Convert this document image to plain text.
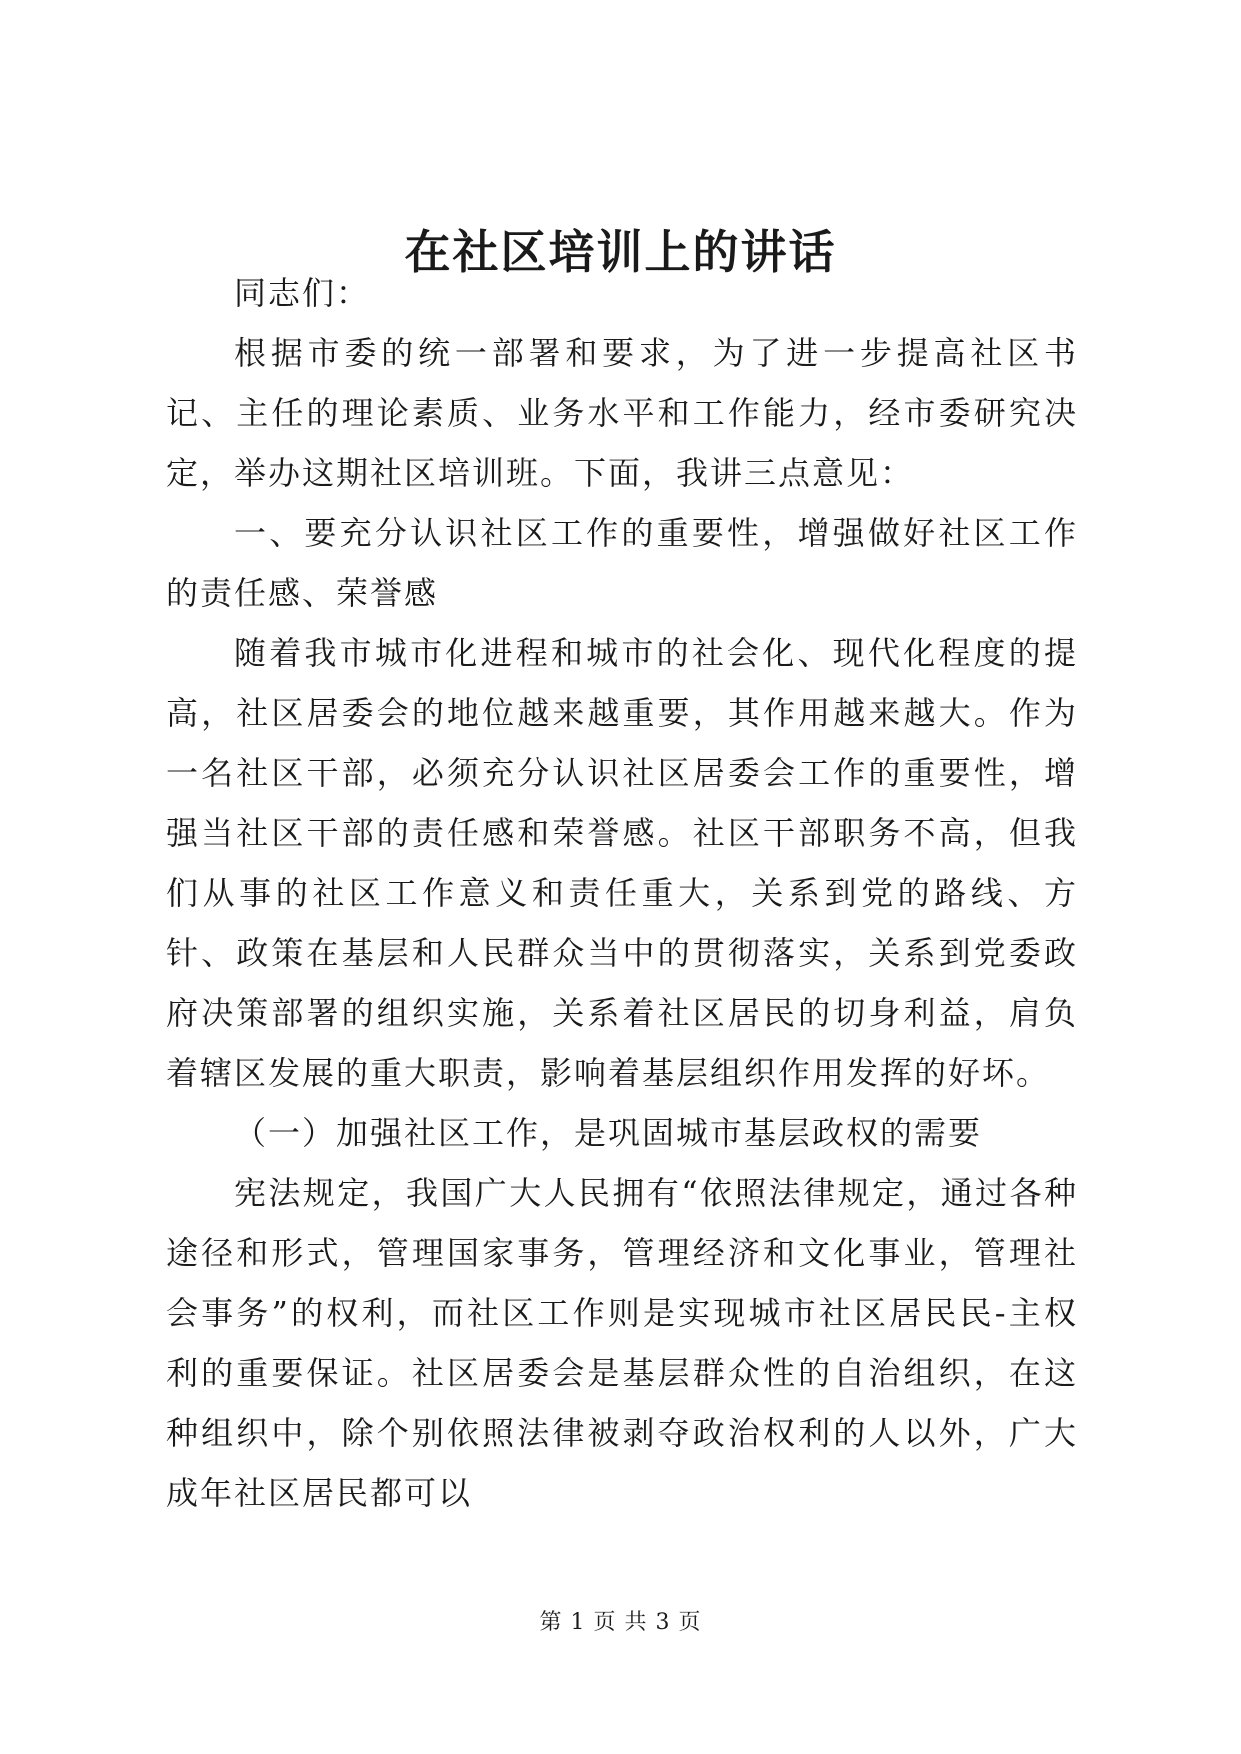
在社区培训上的讲话

同志们：

根据市委的统一部署和要求，为了进一步提高社区书记、主任的理论素质、业务水平和工作能力，经市委研究决定，举办这期社区培训班。下面，我讲三点意见：

一、要充分认识社区工作的重要性，增强做好社区工作的责任感、荣誉感

随着我市城市化进程和城市的社会化、现代化程度的提高，社区居委会的地位越来越重要，其作用越来越大。作为一名社区干部，必须充分认识社区居委会工作的重要性，增强当社区干部的责任感和荣誉感。社区干部职务不高，但我们从事的社区工作意义和责任重大，关系到党的路线、方针、政策在基层和人民群众当中的贯彻落实，关系到党委政府决策部署的组织实施，关系着社区居民的切身利益，肩负着辖区发展的重大职责，影响着基层组织作用发挥的好坏。

（一）加强社区工作，是巩固城市基层政权的需要

宪法规定，我国广大人民拥有“依照法律规定，通过各种途径和形式，管理国家事务，管理经济和文化事业，管理社会事务”的权利，而社区工作则是实现城市社区居民民-主权利的重要保证。社区居委会是基层群众性的自治组织，在这种组织中，除个别依照法律被剥夺政治权利的人以外，广大成年社区居民都可以

第 1 页 共 3 页
